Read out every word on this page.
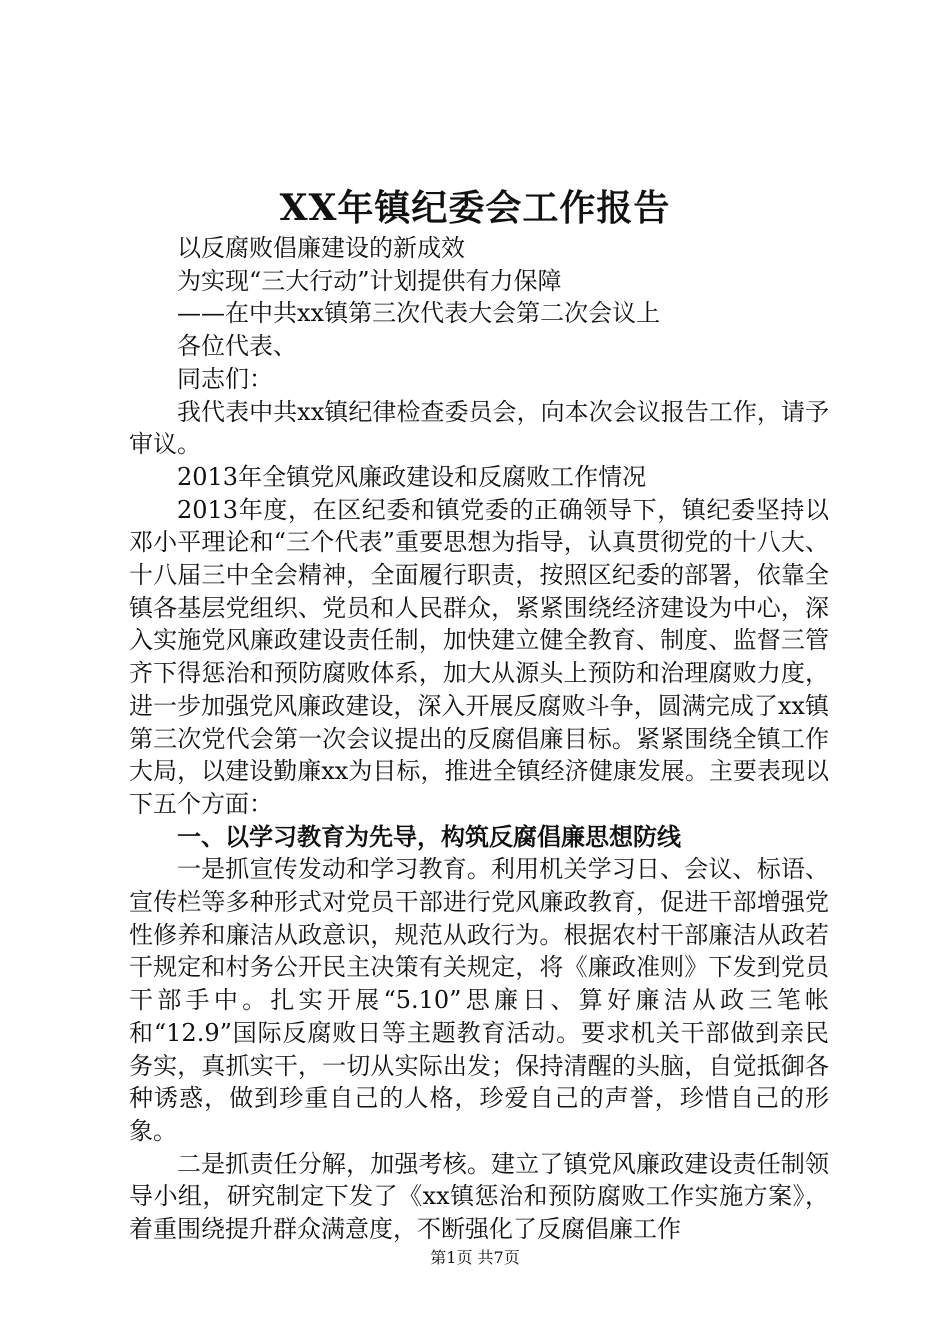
XX年镇纪委会工作报告

以反腐败倡廉建设的新成效

为实现“三大行动”计划提供有力保障

——在中共xx镇第三次代表大会第二次会议上

各位代表、

同志们：

我代表中共xx镇纪律检查委员会，向本次会议报告工作，请予审议。

2013年全镇党风廉政建设和反腐败工作情况

2013年度，在区纪委和镇党委的正确领导下，镇纪委坚持以邓小平理论和“三个代表”重要思想为指导，认真贯彻党的十八大、十八届三中全会精神，全面履行职责，按照区纪委的部署，依靠全镇各基层党组织、党员和人民群众，紧紧围绕经济建设为中心，深入实施党风廉政建设责任制，加快建立健全教育、制度、监督三管齐下得惩治和预防腐败体系，加大从源头上预防和治理腐败力度，进一步加强党风廉政建设，深入开展反腐败斗争，圆满完成了xx镇第三次党代会第一次会议提出的反腐倡廉目标。紧紧围绕全镇工作大局，以建设勤廉xx为目标，推进全镇经济健康发展。主要表现以下五个方面：

一、以学习教育为先导，构筑反腐倡廉思想防线

一是抓宣传发动和学习教育。利用机关学习日、会议、标语、宣传栏等多种形式对党员干部进行党风廉政教育，促进干部增强党性修养和廉洁从政意识，规范从政行为。根据农村干部廉洁从政若干规定和村务公开民主决策有关规定，将《廉政准则》下发到党员干部手中。扎实开展“5.10”思廉日、算好廉洁从政三笔帐和“12.9”国际反腐败日等主题教育活动。要求机关干部做到亲民务实，真抓实干，一切从实际出发；保持清醒的头脑，自觉抵御各种诱惑，做到珍重自己的人格，珍爱自己的声誉，珍惜自己的形象。

二是抓责任分解，加强考核。建立了镇党风廉政建设责任制领导小组，研究制定下发了《xx镇惩治和预防腐败工作实施方案》，着重围绕提升群众满意度，不断强化了反腐倡廉工作

第1页 共7页
